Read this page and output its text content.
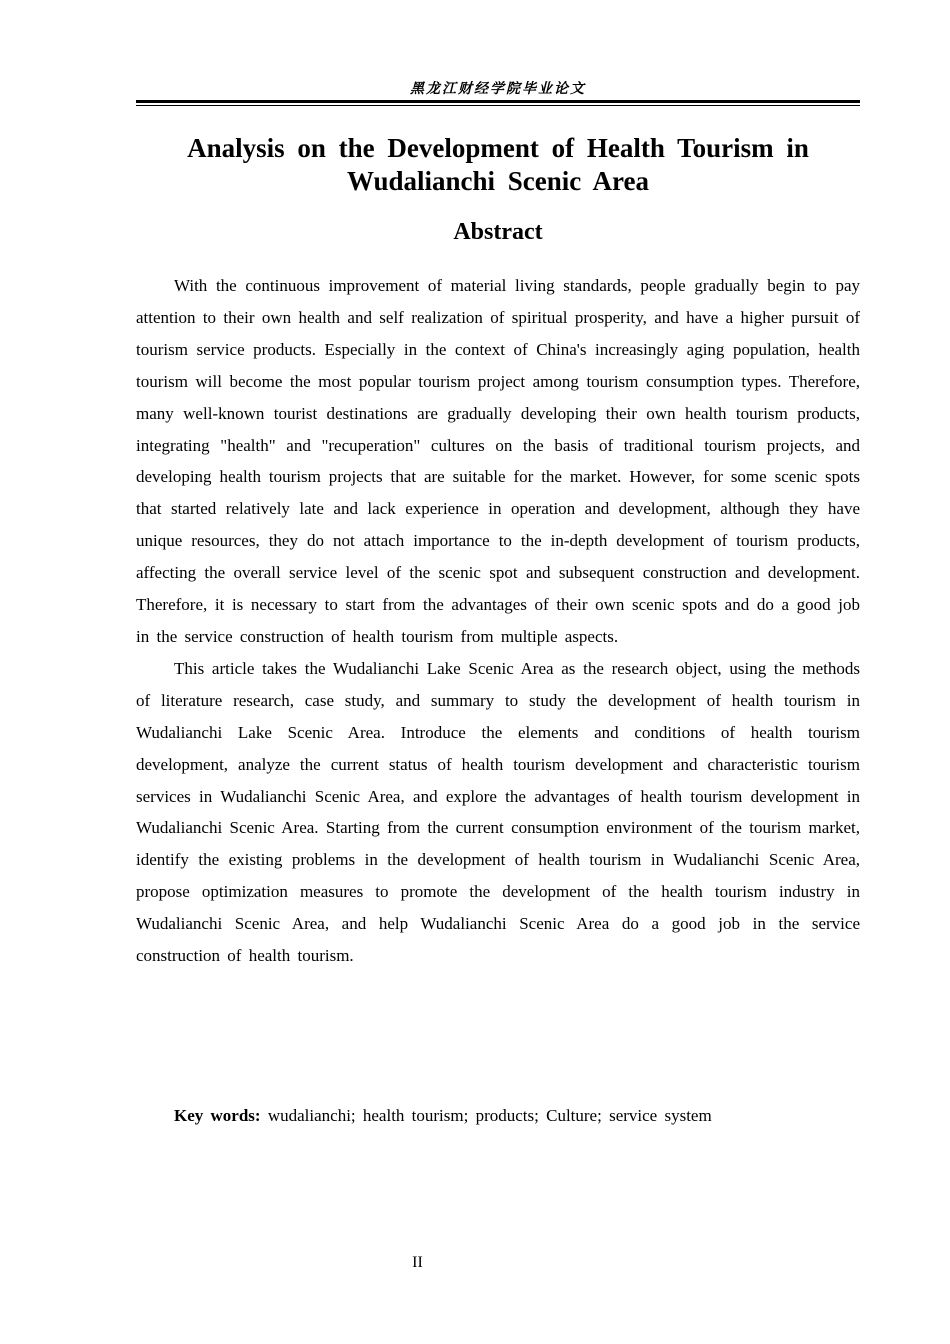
黑龙江财经学院毕业论文
Analysis on the Development of Health Tourism in Wudalianchi Scenic Area
Abstract

With the continuous improvement of material living standards, people gradually begin to pay attention to their own health and self realization of spiritual prosperity, and have a higher pursuit of tourism service products. Especially in the context of China's increasingly aging population, health tourism will become the most popular tourism project among tourism consumption types. Therefore, many well-known tourist destinations are gradually developing their own health tourism products, integrating "health" and "recuperation" cultures on the basis of traditional tourism projects, and developing health tourism projects that are suitable for the market. However, for some scenic spots that started relatively late and lack experience in operation and development, although they have unique resources, they do not attach importance to the in-depth development of tourism products, affecting the overall service level of the scenic spot and subsequent construction and development. Therefore, it is necessary to start from the advantages of their own scenic spots and do a good job in the service construction of health tourism from multiple aspects.

This article takes the Wudalianchi Lake Scenic Area as the research object, using the methods of literature research, case study, and summary to study the development of health tourism in Wudalianchi Lake Scenic Area. Introduce the elements and conditions of health tourism development, analyze the current status of health tourism development and characteristic tourism services in Wudalianchi Scenic Area, and explore the advantages of health tourism development in Wudalianchi Scenic Area. Starting from the current consumption environment of the tourism market, identify the existing problems in the development of health tourism in Wudalianchi Scenic Area, propose optimization measures to promote the development of the health tourism industry in Wudalianchi Scenic Area, and help Wudalianchi Scenic Area do a good job in the service construction of health tourism.

Key words: wudalianchi; health tourism; products; Culture; service system
II
